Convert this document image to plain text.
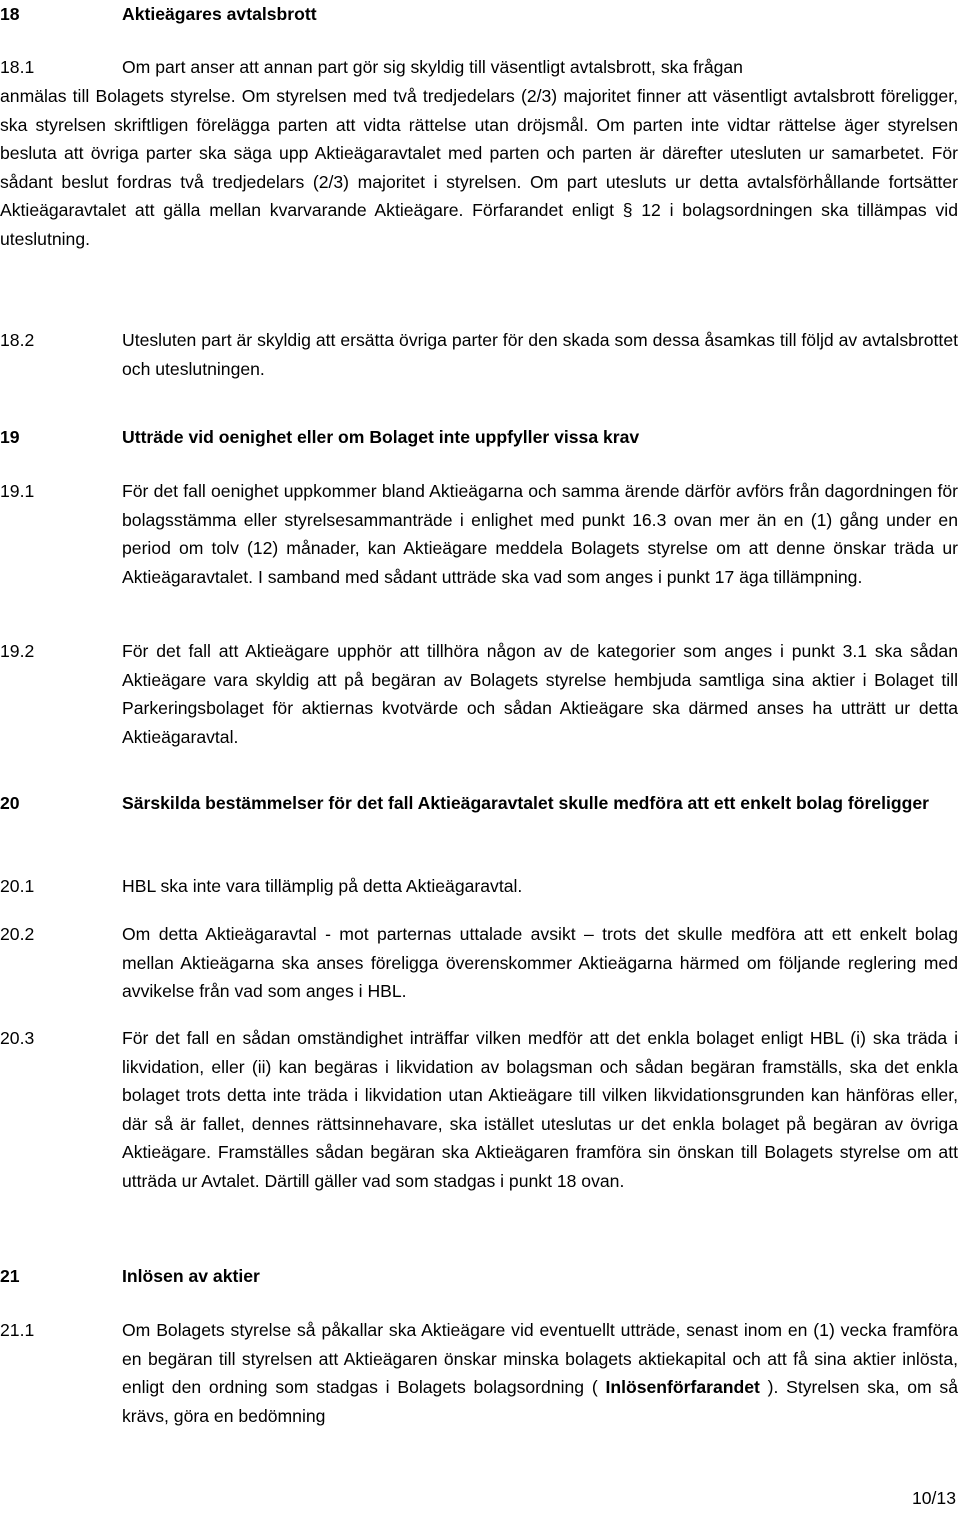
18	Aktieägares avtalsbrott
18.1	Om part anser att annan part gör sig skyldig till väsentligt avtalsbrott, ska frågan
anmälas till Bolagets styrelse. Om styrelsen med två tredjedelars (2/3) majoritet finner att väsentligt avtalsbrott föreligger, ska styrelsen skriftligen förelägga parten att vidta rättelse utan dröjsmål. Om parten inte vidtar rättelse äger styrelsen besluta att övriga parter ska säga upp Aktieägaravtalet med parten och parten är därefter utesluten ur samarbetet. För sådant beslut fordras två tredjedelars (2/3) majoritet i styrelsen. Om part utesluts ur detta avtalsförhållande fortsätter Aktieägaravtalet att gälla mellan kvarvarande Aktieägare. Förfarandet enligt § 12 i bolagsordningen ska tillämpas vid uteslutning.
18.2	Utesluten part är skyldig att ersätta övriga parter för den skada som dessa åsamkas till följd av avtalsbrottet och uteslutningen.
19	Utträde vid oenighet eller om Bolaget inte uppfyller vissa krav
19.1	För det fall oenighet uppkommer bland Aktieägarna och samma ärende därför avförs från dagordningen för bolagsstämma eller styrelsesammanträde i enlighet med punkt 16.3 ovan mer än en (1) gång under en period om tolv (12) månader, kan Aktieägare meddela Bolagets styrelse om att denne önskar träda ur Aktieägaravtalet. I samband med sådant utträde ska vad som anges i punkt 17 äga tillämpning.
19.2	För det fall att Aktieägare upphör att tillhöra någon av de kategorier som anges i punkt 3.1 ska sådan Aktieägare vara skyldig att på begäran av Bolagets styrelse hembjuda samtliga sina aktier i Bolaget till Parkeringsbolaget för aktiernas kvotvärde och sådan Aktieägare ska därmed anses ha utträtt ur detta Aktieägaravtal.
20	Särskilda bestämmelser för det fall Aktieägaravtalet skulle medföra att ett enkelt bolag föreligger
20.1	HBL ska inte vara tillämplig på detta Aktieägaravtal.
20.2	Om detta Aktieägaravtal - mot parternas uttalade avsikt – trots det skulle medföra att ett enkelt bolag mellan Aktieägarna ska anses föreligga överenskommer Aktieägarna härmed om följande reglering med avvikelse från vad som anges i HBL.
20.3	För det fall en sådan omständighet inträffar vilken medför att det enkla bolaget enligt HBL (i) ska träda i likvidation, eller (ii) kan begäras i likvidation av bolagsman och sådan begäran framställs, ska det enkla bolaget trots detta inte träda i likvidation utan Aktieägare till vilken likvidationsgrunden kan hänföras eller, där så är fallet, dennes rättsinnehavare, ska istället uteslutas ur det enkla bolaget på begäran av övriga Aktieägare. Framställes sådan begäran ska Aktieägaren framföra sin önskan till Bolagets styrelse om att utträda ur Avtalet. Därtill gäller vad som stadgas i punkt 18 ovan.
21	Inlösen av aktier
21.1	Om Bolagets styrelse så påkallar ska Aktieägare vid eventuellt utträde, senast inom en (1) vecka framföra en begäran till styrelsen att Aktieägaren önskar minska bolagets aktiekapital och att få sina aktier inlösta, enligt den ordning som stadgas i Bolagets bolagsordning ( Inlösenförfarandet ). Styrelsen ska, om så krävs, göra en bedömning
10/13
